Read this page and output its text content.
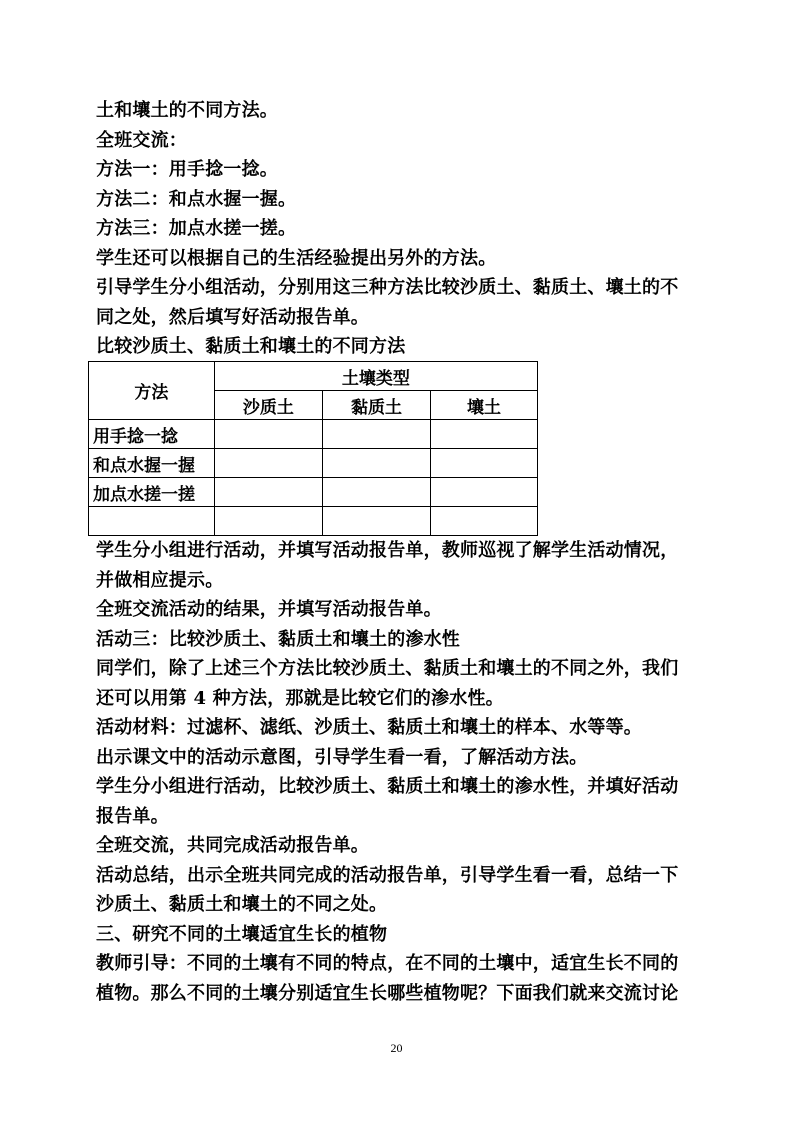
土和壤土的不同方法。
全班交流：
方法一：用手捻一捻。
方法二：和点水握一握。
方法三：加点水搓一搓。
学生还可以根据自己的生活经验提出另外的方法。
引导学生分小组活动，分别用这三种方法比较沙质土、黏质土、壤土的不
同之处，然后填写好活动报告单。
比较沙质土、黏质土和壤土的不同方法
方法	土壤类型		
	沙质土	黏质土	壤土
用手捻一捻			
和点水握一握			
加点水搓一搓			

学生分小组进行活动，并填写活动报告单，教师巡视了解学生活动情况，
并做相应提示。
全班交流活动的结果，并填写活动报告单。
活动三：比较沙质土、黏质土和壤土的渗水性
同学们，除了上述三个方法比较沙质土、黏质土和壤土的不同之外，我们
还可以用第 4 种方法，那就是比较它们的渗水性。
活动材料：过滤杯、滤纸、沙质土、黏质土和壤土的样本、水等等。
出示课文中的活动示意图，引导学生看一看，了解活动方法。
学生分小组进行活动，比较沙质土、黏质土和壤土的渗水性，并填好活动
报告单。
全班交流，共同完成活动报告单。
活动总结，出示全班共同完成的活动报告单，引导学生看一看，总结一下
沙质土、黏质土和壤土的不同之处。
三、研究不同的土壤适宜生长的植物
教师引导：不同的土壤有不同的特点，在不同的土壤中，适宜生长不同的
植物。那么不同的土壤分别适宜生长哪些植物呢？下面我们就来交流讨论
20
